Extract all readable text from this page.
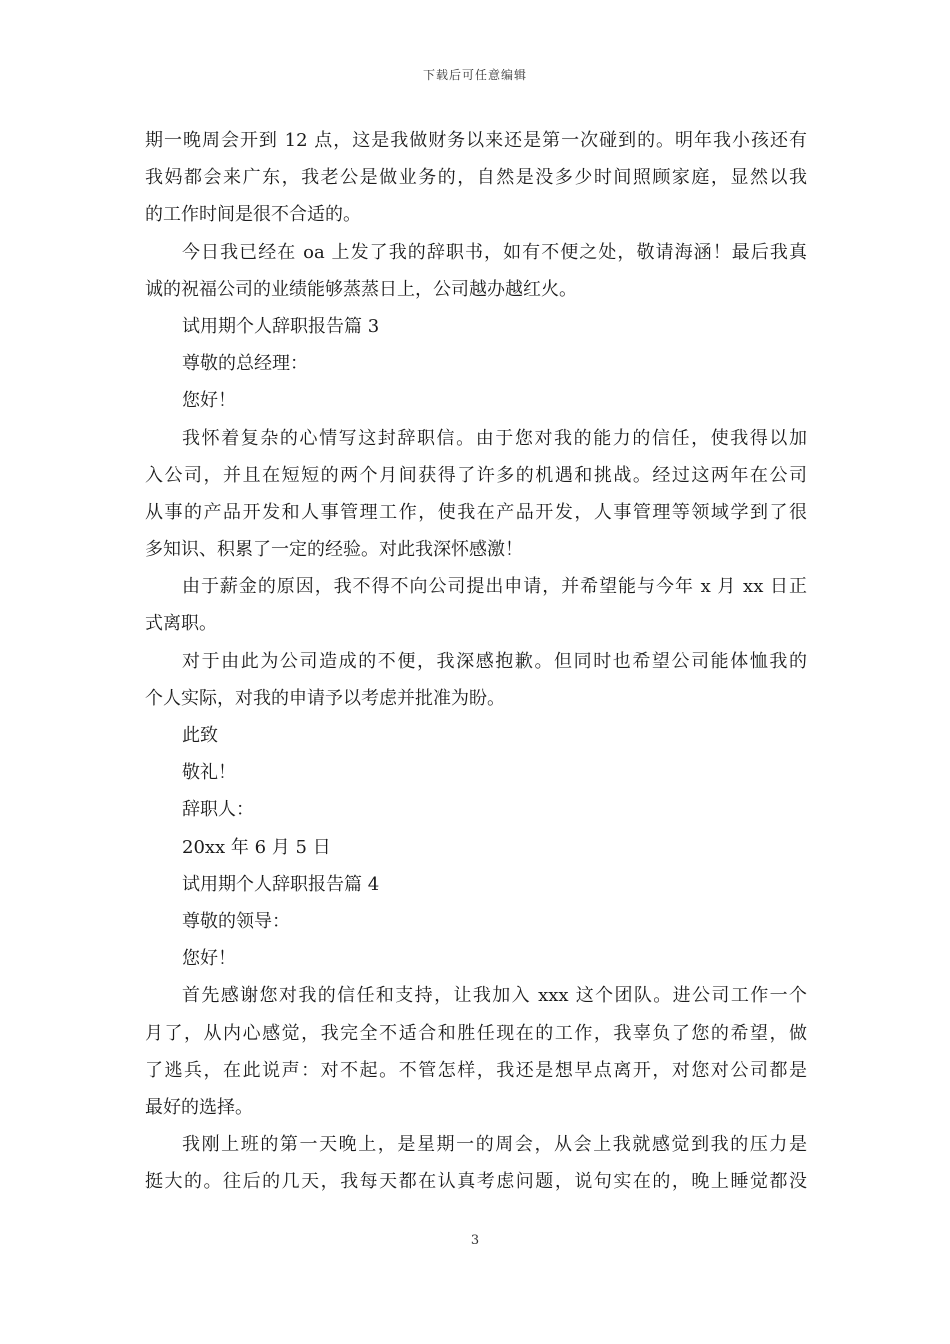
下载后可任意编辑
期一晚周会开到 12 点，这是我做财务以来还是第一次碰到的。明年我小孩还有
我妈都会来广东，我老公是做业务的，自然是没多少时间照顾家庭，显然以我
的工作时间是很不合适的。
今日我已经在 oa 上发了我的辞职书，如有不便之处，敬请海涵！最后我真
诚的祝福公司的业绩能够蒸蒸日上，公司越办越红火。
试用期个人辞职报告篇 3
尊敬的总经理：
您好！
我怀着复杂的心情写这封辞职信。由于您对我的能力的信任，使我得以加
入公司，并且在短短的两个月间获得了许多的机遇和挑战。经过这两年在公司
从事的产品开发和人事管理工作，使我在产品开发，人事管理等领域学到了很
多知识、积累了一定的经验。对此我深怀感激！
由于薪金的原因，我不得不向公司提出申请，并希望能与今年 x 月 xx 日正
式离职。
对于由此为公司造成的不便，我深感抱歉。但同时也希望公司能体恤我的
个人实际，对我的申请予以考虑并批准为盼。
此致
敬礼！
辞职人：
20xx 年 6 月 5 日
试用期个人辞职报告篇 4
尊敬的领导：
您好！
首先感谢您对我的信任和支持，让我加入 xxx 这个团队。进公司工作一个
月了，从内心感觉，我完全不适合和胜任现在的工作，我辜负了您的希望，做
了逃兵，在此说声：对不起。不管怎样，我还是想早点离开，对您对公司都是
最好的选择。
我刚上班的第一天晚上，是星期一的周会，从会上我就感觉到我的压力是
挺大的。往后的几天，我每天都在认真考虑问题，说句实在的，晚上睡觉都没
3
